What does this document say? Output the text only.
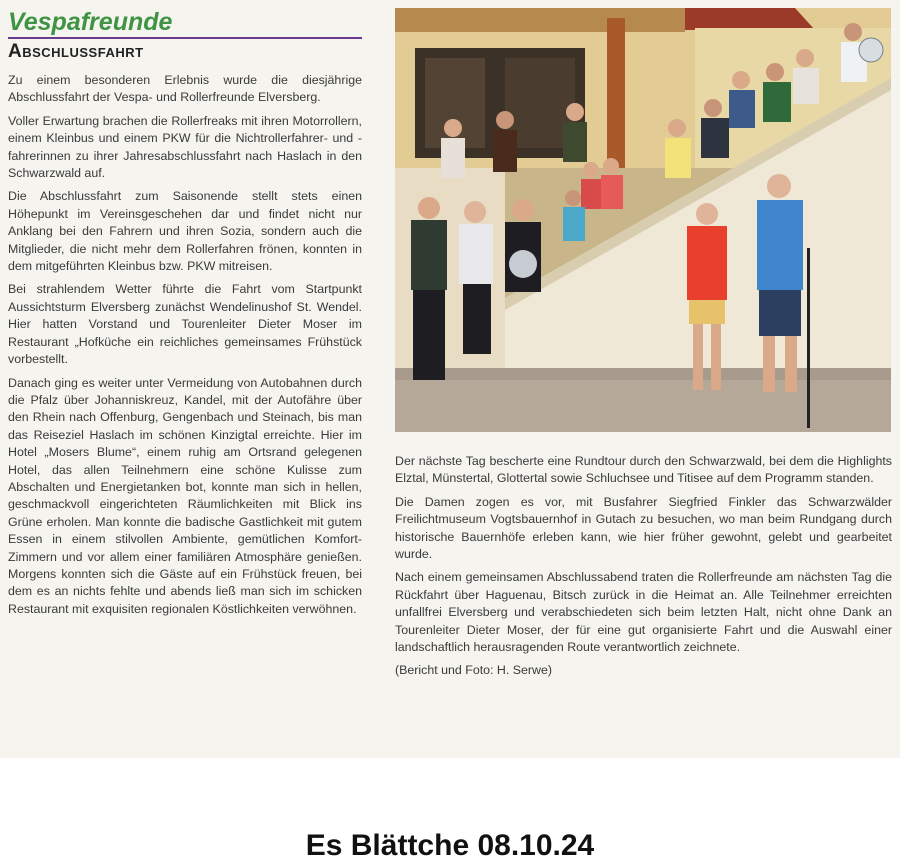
Vespafreunde
Abschlussfahrt

Zu einem besonderen Erlebnis wurde die diesjährige Abschlussfahrt der Vespa- und Rollerfreunde Elversberg.

Voller Erwartung brachen die Rollerfreaks mit ihren Motorrollern, einem Kleinbus und einem PKW für die Nichtrollerfahrer- und -fahrerinnen zu ihrer Jahresabschlussfahrt nach Haslach in den Schwarzwald auf.

Die Abschlussfahrt zum Saisonende stellt stets einen Höhepunkt im Vereinsgeschehen dar und findet nicht nur Anklang bei den Fahrern und ihren Sozia, sondern auch die Mitglieder, die nicht mehr dem Rollerfahren frönen, konnten in dem mitgeführten Kleinbus bzw. PKW mitreisen.

Bei strahlendem Wetter führte die Fahrt vom Startpunkt Aussichtsturm Elversberg zunächst Wendelinushof St. Wendel. Hier hatten Vorstand und Tourenleiter Dieter Moser im Restaurant „Hofküche ein reichliches gemeinsames Frühstück vorbestellt.

Danach ging es weiter unter Vermeidung von Autobahnen durch die Pfalz über Johanniskreuz, Kandel, mit der Autofähre über den Rhein nach Offenburg, Gengenbach und Steinach, bis man das Reiseziel Haslach im schönen Kinzigtal erreichte. Hier im Hotel „Mosers Blume“, einem ruhig am Ortsrand gelegenen Hotel, das allen Teilnehmern eine schöne Kulisse zum Abschalten und Energietanken bot, konnte man sich in hellen, geschmackvoll eingerichteten Räumlichkeiten mit Blick ins Grüne erholen. Man konnte die badische Gastlichkeit mit gutem Essen in einem stilvollen Ambiente, gemütlichen Komfort-Zimmern und vor allem einer familiären Atmosphäre genießen. Morgens konnten sich die Gäste auf ein Frühstück freuen, bei dem es an nichts fehlte und abends ließ man sich im schicken Restaurant mit exquisiten regionalen Köstlichkeiten verwöhnen.

Der nächste Tag bescherte eine Rundtour durch den Schwarzwald, bei dem die Highlights Elztal, Münstertal, Glottertal sowie Schluchsee und Titisee auf dem Programm standen.

Die Damen zogen es vor, mit Busfahrer Siegfried Finkler das Schwarzwälder Freilichtmuseum Vogtsbauernhof in Gutach zu besuchen, wo man beim Rundgang durch historische Bauernhöfe erleben kann, wie hier früher gewohnt, gelebt und gearbeitet wurde.

Nach einem gemeinsamen Abschlussabend traten die Rollerfreunde am nächsten Tag die Rückfahrt über Haguenau, Bitsch zurück in die Heimat an. Alle Teilnehmer erreichten unfallfrei Elversberg und verabschiedeten sich beim letzten Halt, nicht ohne Dank an Tourenleiter Dieter Moser, der für eine gut organisierte Fahrt und die Auswahl einer landschaftlich herausragenden Route verantwortlich zeichnete.

(Bericht und Foto: H. Serwe)

Es Blättche 08.10.24
